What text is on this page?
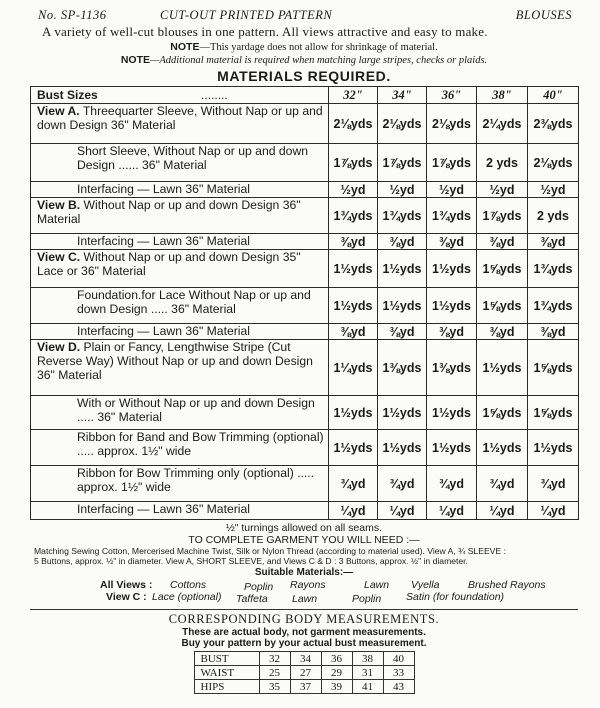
No. SP-1136	CUT-OUT PRINTED PATTERN	BLOUSES
A variety of well-cut blouses in one pattern. All views attractive and easy to make.
NOTE—This yardage does not allow for shrinkage of material.
NOTE—Additional material is required when matching large stripes, checks or plaids.
MATERIALS REQUIRED.
Bust Sizes ........	32"	34"	36"	38"	40"

View A. Threequarter Sleeve, Without Nap or up and down Design 36" Material	2⅛yds	2⅛yds	2⅛yds	2¼yds	2⅜yds

Short Sleeve, Without Nap or up and down Design ...... 36" Material	1⅞yds	1⅞yds	1⅞yds	2 yds	2⅛yds

Interfacing — Lawn 36" Material	½yd	½yd	½yd	½yd	½yd

View B. Without Nap or up and down Design 36" Material	1¾yds	1¾yds	1¾yds	1⅞yds	2 yds

Interfacing — Lawn 36" Material	⅜yd	⅜yd	⅜yd	⅜yd	⅜yd

View C. Without Nap or up and down Design 35" Lace or 36" Material	1½yds	1½yds	1½yds	1⅝yds	1¾yds

Foundation.for Lace Without Nap or up and down Design ..... 36" Material	1½yds	1½yds	1½yds	1⅝yds	1¾yds

Interfacing — Lawn 36" Material	⅜yd	⅜yd	⅜yd	⅜yd	⅜yd

View D. Plain or Fancy, Lengthwise Stripe (Cut Reverse Way) Without Nap or up and down Design 36" Material	1¼yds	1⅜yds	1⅜yds	1½yds	1⅝yds

With or Without Nap or up and down Design ..... 36" Material	1½yds	1½yds	1½yds	1⅝yds	1⅝yds

Ribbon for Band and Bow Trimming (optional) ..... approx. 1½" wide	1½yds	1½yds	1½yds	1½yds	1½yds

Ribbon for Bow Trimming only (optional) ..... approx. 1½" wide	¾yd	¾yd	¾yd	¾yd	¾yd

Interfacing — Lawn 36" Material	¼yd	¼yd	¼yd	¼yd	¼yd
½" turnings allowed on all seams.
TO COMPLETE GARMENT YOU WILL NEED :—
Matching Sewing Cotton, Mercerised Machine Twist, Silk or Nylon Thread (according to material used). View A, ¾ SLEEVE :
5 Buttons, approx. ½" in diameter. View A, SHORT SLEEVE, and Views C & D : 3 Buttons, approx. ½" in diameter.
Suitable Materials:—
All Views : Cottons	Poplin Rayons	Lawn Vyella	Brushed Rayons
View C : Lace (optional) Taffeta Lawn	Poplin Satin (for foundation)
CORRESPONDING BODY MEASUREMENTS.
These are actual body, not garment measurements.
Buy your pattern by your actual bust measurement.
BUST	32	34	36	38	40
WAIST	25	27	29	31	33
HIPS	35	37	39	41	43
